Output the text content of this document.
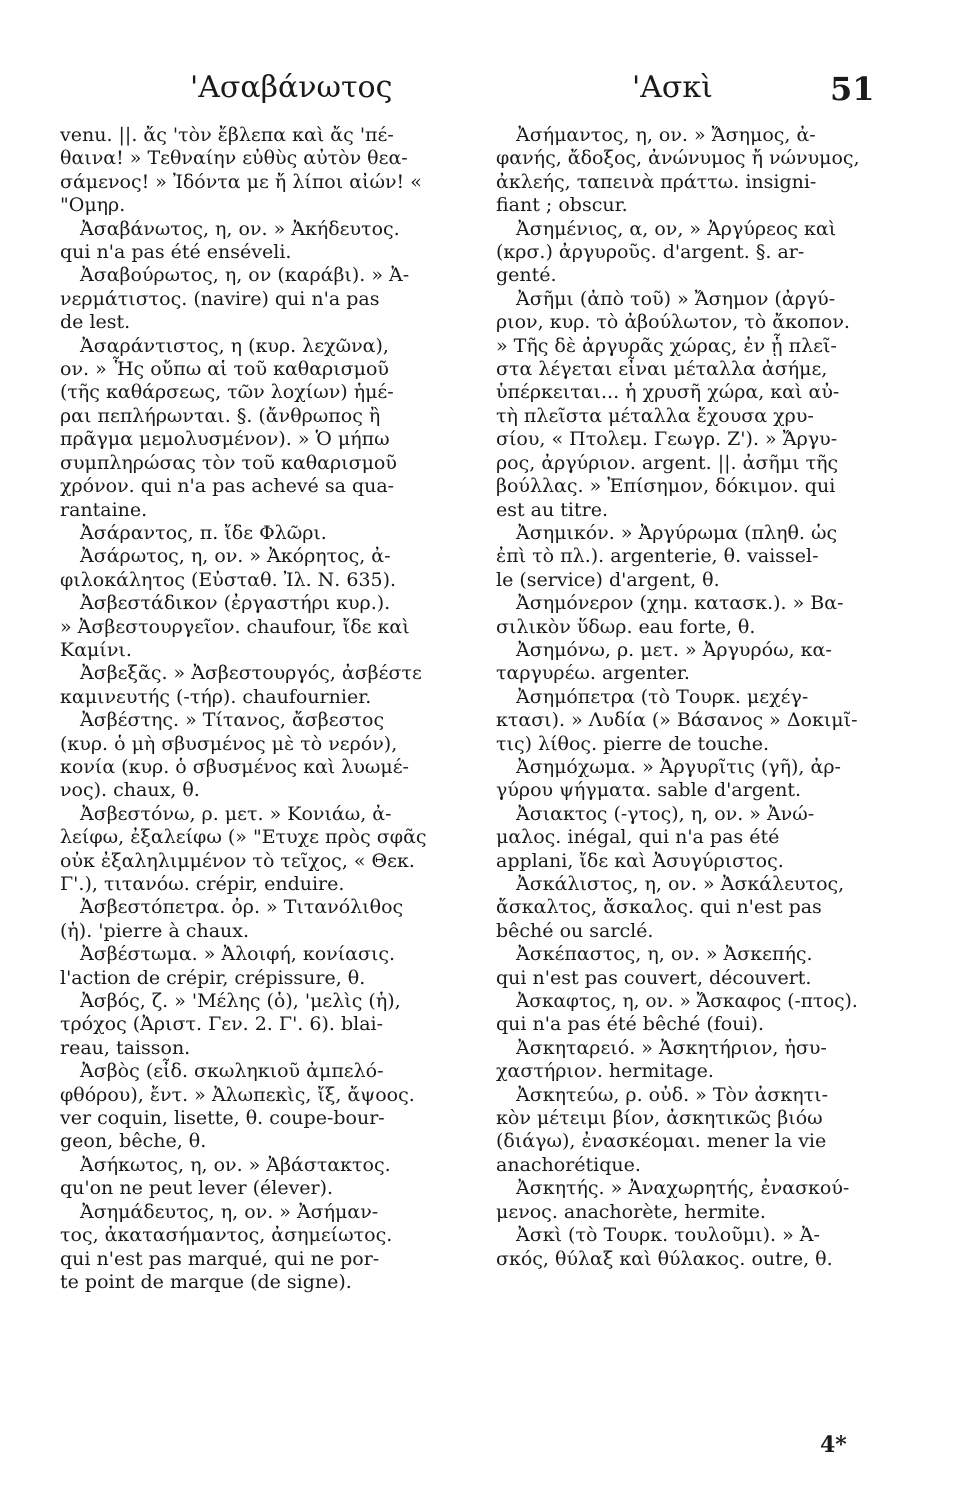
'Ασαβάνωτος	'Ασκὶ	51
venu. ||. ἄς 'τὸν ἔβλεπα καὶ ἄς 'πέ-
θαινα! » Τεθναίην εὐθὺς αὐτὸν θεα-
σάμενος! » Ἰδόντα με ἤ λίποι αἰών! «
"Ομηρ.
Ἀσαβάνωτος, η, ον. » Ἀκήδευτος.
qui n'a pas été enséveli.
Ἀσαβούρωτος, η, ον (καράβι). » Ἀ-
νερμάτιστος. (navire) qui n'a pas
de lest.
Ἀσαράντιστος, η (κυρ. λεχῶνα),
ον. » Ἧς οὔπω αἱ τοῦ καθαρισμοῦ
(τῆς καθάρσεως, τῶν λοχίων) ἡμέ-
ραι πεπλήρωνται. §. (ἄνθρωπος ἢ
πρᾶγμα μεμολυσμένον). » Ὁ μήπω
συμπληρώσας τὸν τοῦ καθαρισμοῦ
χρόνον. qui n'a pas achevé sa qua-
rantaine.
Ἀσάραντος, π. ἴδε Φλῶρι.
Ἀσάρωτος, η, ον. » Ἀκόρητος, ἀ-
φιλοκάλητος (Εὐσταθ. Ἰλ. Ν. 635).
Ἀσβεστάδικον (ἐργαστήρι κυρ.).
» Ἀσβεστουργεῖον. chaufour, ἴδε καὶ
Καμίνι.
Ἀσβεξᾶς. » Ἀσβεστουργός, ἀσβέστε
καμινευτής (-τήρ). chaufournier.
Ἀσβέστης. » Τίτανος, ἄσβεστος
(κυρ. ὁ μὴ σβυσμένος μὲ τὸ νερόν),
κονία (κυρ. ὁ σβυσμένος καὶ λυωμέ-
νος). chaux, θ.
Ἀσβεστόνω, ρ. μετ. » Κονιάω, ἀ-
λείφω, ἐξαλείφω (» "Ετυχε πρὸς σφᾶς
οὐκ ἐξαληλιμμένον τὸ τεῖχος, « Θεκ.
Γ'.), τιτανόω. crépir, enduire.
Ἀσβεστόπετρα. ὀρ. » Τιτανόλιθος
(ἡ). 'pierre à chaux.
Ἀσβέστωμα. » Ἀλοιφή, κονίασις.
l'action de crépir, crépissure, θ.
Ἀσβός, ζ. » 'Μέλης (ὁ), 'μελὶς (ἡ),
τρόχος (Ἀριστ. Γεν. 2. Γ'. 6). blai-
reau, taisson.
Ἀσβὸς (εἶδ. σκωληκιοῦ ἀμπελό-
φθόρου), ἔντ. » Ἀλωπεκὶς, ἴξ, ἄψοος.
ver coquin, lisette, θ. coupe-bour-
geon, bêche, θ.
Ἀσήκωτος, η, ον. » Ἀβάστακτος.
qu'on ne peut lever (élever).
Ἀσημάδευτος, η, ον. » Ἀσήμαν-
τος, ἀκατασήμαντος, ἀσημείωτος.
qui n'est pas marqué, qui ne por-
te point de marque (de signe).
Ἀσήμαντος, η, ον. » Ἄσημος, ἀ-
φανής, ἄδοξος, ἀνώνυμος ἤ νώνυμος,
ἀκλεής, ταπεινὰ πράττω. insigni-
fiant ; obscur.
Ἀσημένιος, α, ον, » Ἀργύρεος καὶ
(κρσ.) ἀργυροῦς. d'argent. §. ar-
genté.
Ἀσῆμι (ἀπὸ τοῦ) » Ἄσημον (ἀργύ-
ριον, κυρ. τὸ ἀβούλωτον, τὸ ἄκοπον.
» Τῆς δὲ ἀργυρᾶς χώρας, ἐν ᾗ πλεῖ-
στα λέγεται εἶναι μέταλλα ἀσήμε,
ὑπέρκειται... ἡ χρυσῆ χώρα, καὶ αὐ-
τὴ πλεῖστα μέταλλα ἔχουσα χρυ-
σίου, « Πτολεμ. Γεωγρ. Ζ'). » Ἄργυ-
ρος, ἀργύριον. argent. ||. ἀσῆμι τῆς
βούλλας. » Ἐπίσημον, δόκιμον. qui
est au titre.
Ἀσημικόν. » Ἀργύρωμα (πληθ. ὡς
ἐπὶ τὸ πλ.). argenterie, θ. vaissel-
le (service) d'argent, θ.
Ἀσημόνερον (χημ. κατασκ.). » Βα-
σιλικὸν ὕδωρ. eau forte, θ.
Ἀσημόνω, ρ. μετ. » Ἀργυρόω, κα-
ταργυρέω. argenter.
Ἀσημόπετρα (τὸ Τουρκ. μεχέγ-
κτασι). » Λυδία (» Βάσανος » Δοκιμῖ-
τις) λίθος. pierre de touche.
Ἀσημόχωμα. » Ἀργυρῖτις (γῆ), ἀρ-
γύρου ψήγματα. sable d'argent.
Ἀσιακτος (-γτος), η, ον. » Ἀνώ-
μαλος. inégal, qui n'a pas été
applani, ἴδε καὶ Ἀσυγύριστος.
Ἀσκάλιστος, η, ον. » Ἀσκάλευτος,
ἄσκαλτος, ἄσκαλος. qui n'est pas
bêché ou sarclé.
Ἀσκέπαστος, η, ον. » Ἀσκεπής.
qui n'est pas couvert, découvert.
Ἀσκαφτος, η, ον. » Ἄσκαφος (-πτος).
qui n'a pas été bêché (foui).
Ἀσκηταρειό. » Ἀσκητήριον, ἡσυ-
χαστήριον. hermitage.
Ἀσκητεύω, ρ. οὐδ. » Τὸν ἀσκητι-
κὸν μέτειμι βίον, ἀσκητικῶς βιόω
(διάγω), ἐνασκέομαι. mener la vie
anachorétique.
Ἀσκητής. » Ἀναχωρητής, ἐνασκού-
μενος. anachorète, hermite.
Ἀσκὶ (τὸ Τουρκ. τουλοῦμι). » Ἀ-
σκός, θύλαξ καὶ θύλακος. outre, θ.
4*
